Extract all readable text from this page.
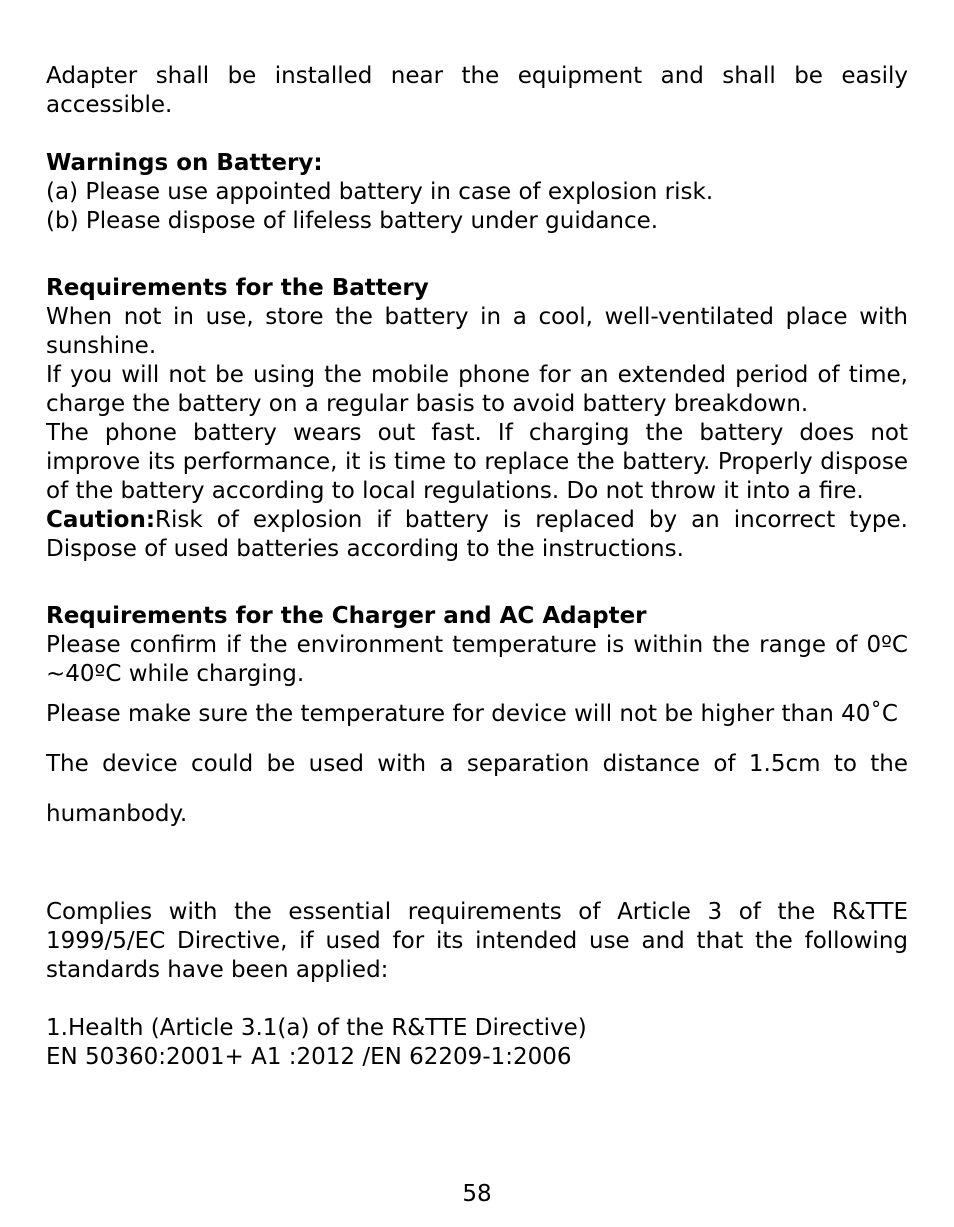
Adapter shall be installed near the equipment and shall be easily accessible.

Warnings on Battery:

(a) Please use appointed battery in case of explosion risk.

(b) Please dispose of lifeless battery under guidance.

Requirements for the Battery

When not in use, store the battery in a cool, well-ventilated place with sunshine.

If you will not be using the mobile phone for an extended period of time, charge the battery on a regular basis to avoid battery breakdown.

The phone battery wears out fast. If charging the battery does not improve its performance, it is time to replace the battery. Properly dispose of the battery according to local regulations. Do not throw it into a fire.

Caution:Risk of explosion if battery is replaced by an incorrect type. Dispose of used batteries according to the instructions.

Requirements for the Charger and AC Adapter

Please confirm if the environment temperature is within the range of 0ºC ~40ºC while charging.

Please make sure the temperature for device will not be higher than 40˚C

The device could be used with a separation distance of 1.5cm to the humanbody.

Complies with the essential requirements of Article 3 of the R&TTE 1999/5/EC Directive, if used for its intended use and that the following standards have been applied:

1.Health (Article 3.1(a) of the R&TTE Directive)

EN 50360:2001+ A1 :2012 /EN 62209-1:2006

58
